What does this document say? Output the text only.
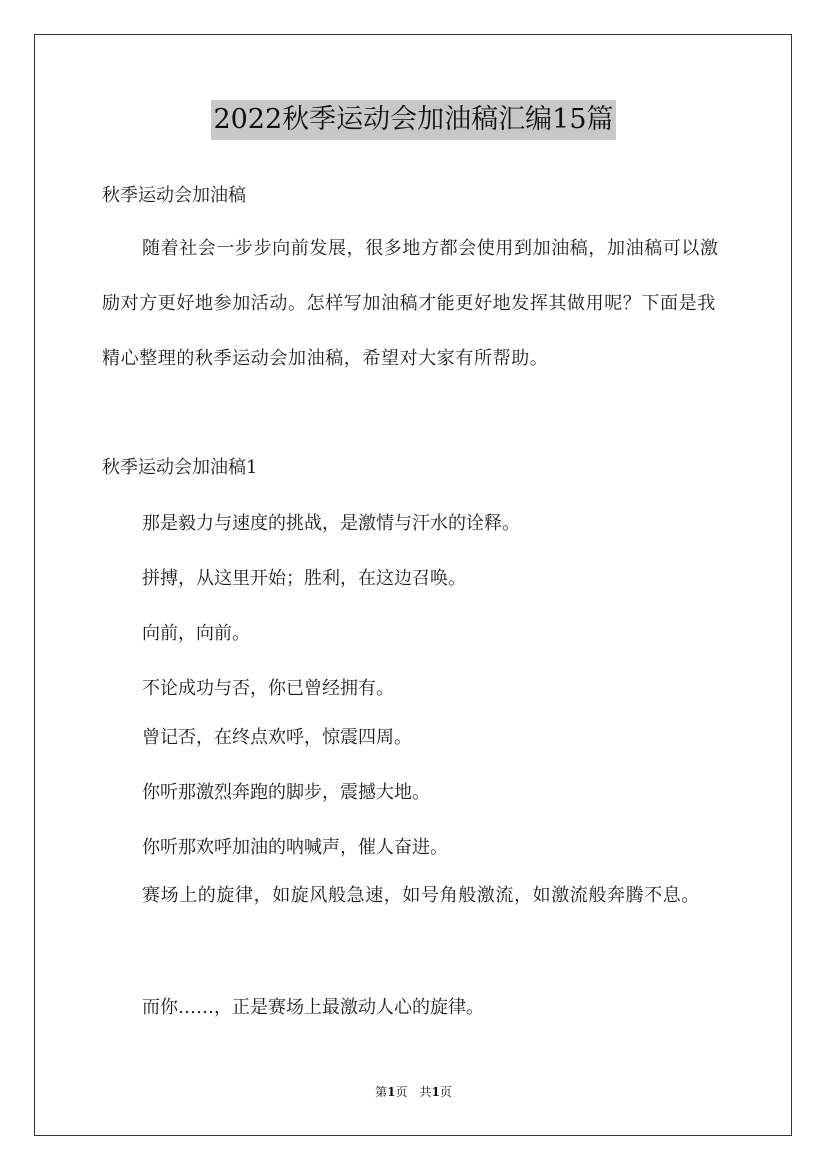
2022秋季运动会加油稿汇编15篇

秋季运动会加油稿

随着社会一步步向前发展，很多地方都会使用到加油稿，加油稿可以激励对方更好地参加活动。怎样写加油稿才能更好地发挥其做用呢？下面是我精心整理的秋季运动会加油稿，希望对大家有所帮助。

秋季运动会加油稿1

那是毅力与速度的挑战，是激情与汗水的诠释。

拼搏，从这里开始；胜利，在这边召唤。

向前，向前。

不论成功与否，你已曾经拥有。

曾记否，在终点欢呼，惊震四周。

你听那激烈奔跑的脚步，震撼大地。

你听那欢呼加油的呐喊声，催人奋进。

赛场上的旋律，如旋风般急速，如号角般激流，如激流般奔腾不息。

而你……，正是赛场上最激动人心的旋律。

第1页　共1页
